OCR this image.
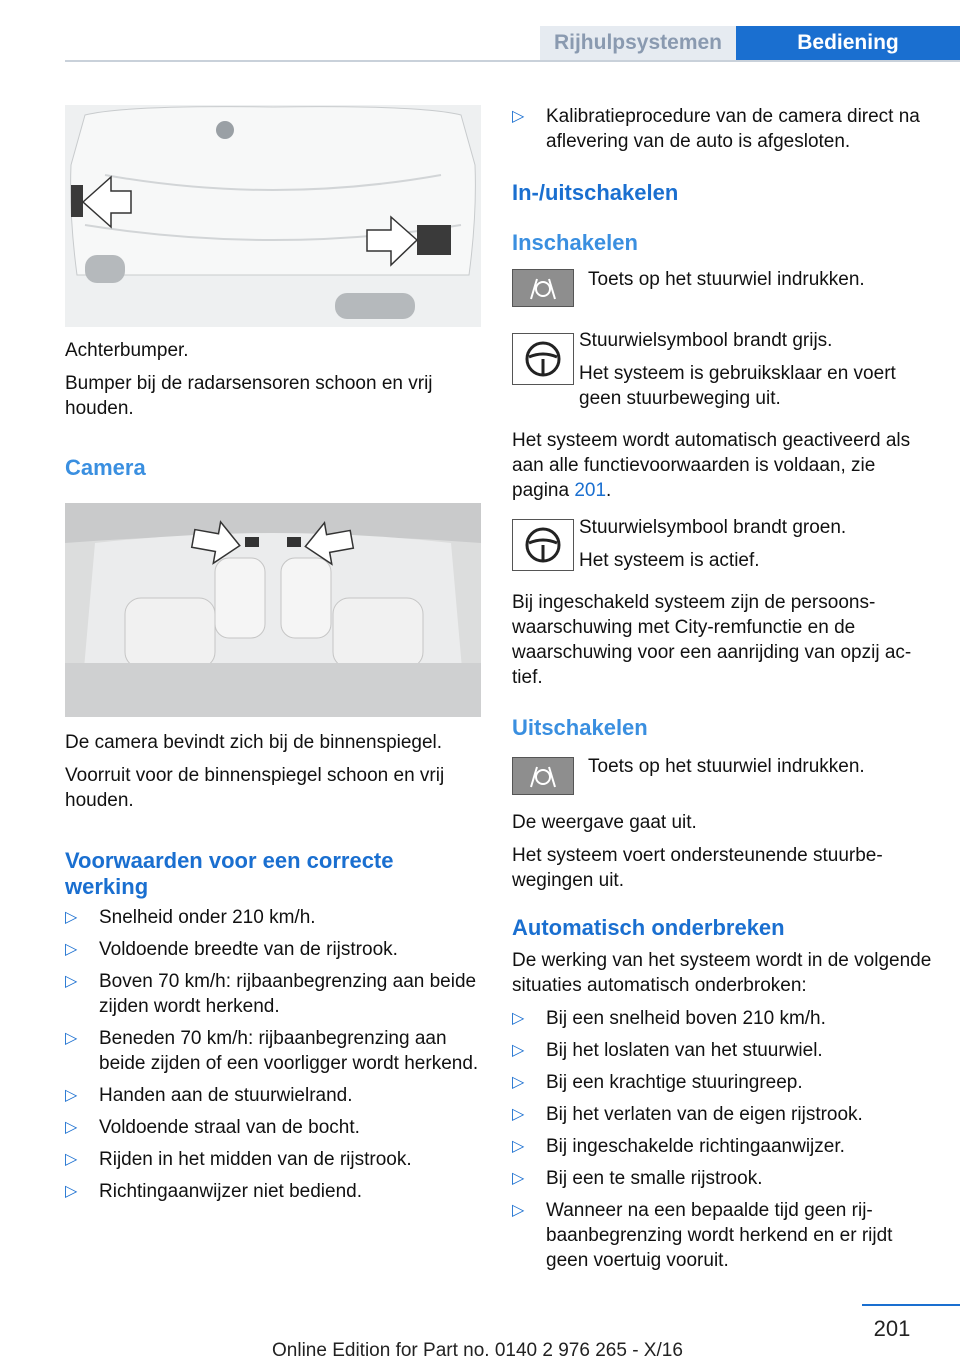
Rijhulpsystemen	Bediening

Achterbumper.

Bumper bij de radarsensoren schoon en vrij houden.

Camera

De camera bevindt zich bij de binnenspiegel.

Voorruit voor de binnenspiegel schoon en vrij houden.

Voorwaarden voor een correcte werking
▷ Snelheid onder 210 km/h.
▷ Voldoende breedte van de rijstrook.
▷ Boven 70 km/h: rijbaanbegrenzing aan beide zijden wordt herkend.
▷ Beneden 70 km/h: rijbaanbegrenzing aan beide zijden of een voorligger wordt herkend.
▷ Handen aan de stuurwielrand.
▷ Voldoende straal van de bocht.
▷ Rijden in het midden van de rijstrook.
▷ Richtingaanwijzer niet bediend.
▷ Kalibratieprocedure van de camera direct na aflevering van de auto is afgesloten.
In-/uitschakelen
Inschakelen

Toets op het stuurwiel indrukken.

Stuurwielsymbool brandt grijs.

Het systeem is gebruiksklaar en voert geen stuurbeweging uit.

Het systeem wordt automatisch geactiveerd als aan alle functievoorwaarden is voldaan, zie pagina 201.

Stuurwielsymbool brandt groen.

Het systeem is actief.

Bij ingeschakeld systeem zijn de persoonswaarschuwing met City-remfunctie en de waarschuwing voor een aanrijding van opzij actief.

Uitschakelen

Toets op het stuurwiel indrukken.

De weergave gaat uit.

Het systeem voert ondersteunende stuurbewegingen uit.

Automatisch onderbreken

De werking van het systeem wordt in de volgende situaties automatisch onderbroken:

▷ Bij een snelheid boven 210 km/h.
▷ Bij het loslaten van het stuurwiel.
▷ Bij een krachtige stuuringreep.
▷ Bij het verlaten van de eigen rijstrook.
▷ Bij ingeschakelde richtingaanwijzer.
▷ Bij een te smalle rijstrook.
▷ Wanneer na een bepaalde tijd geen rijbaanbegrenzing wordt herkend en er rijdt geen voertuig vooruit.
201
Online Edition for Part no. 0140 2 976 265 - X/16
